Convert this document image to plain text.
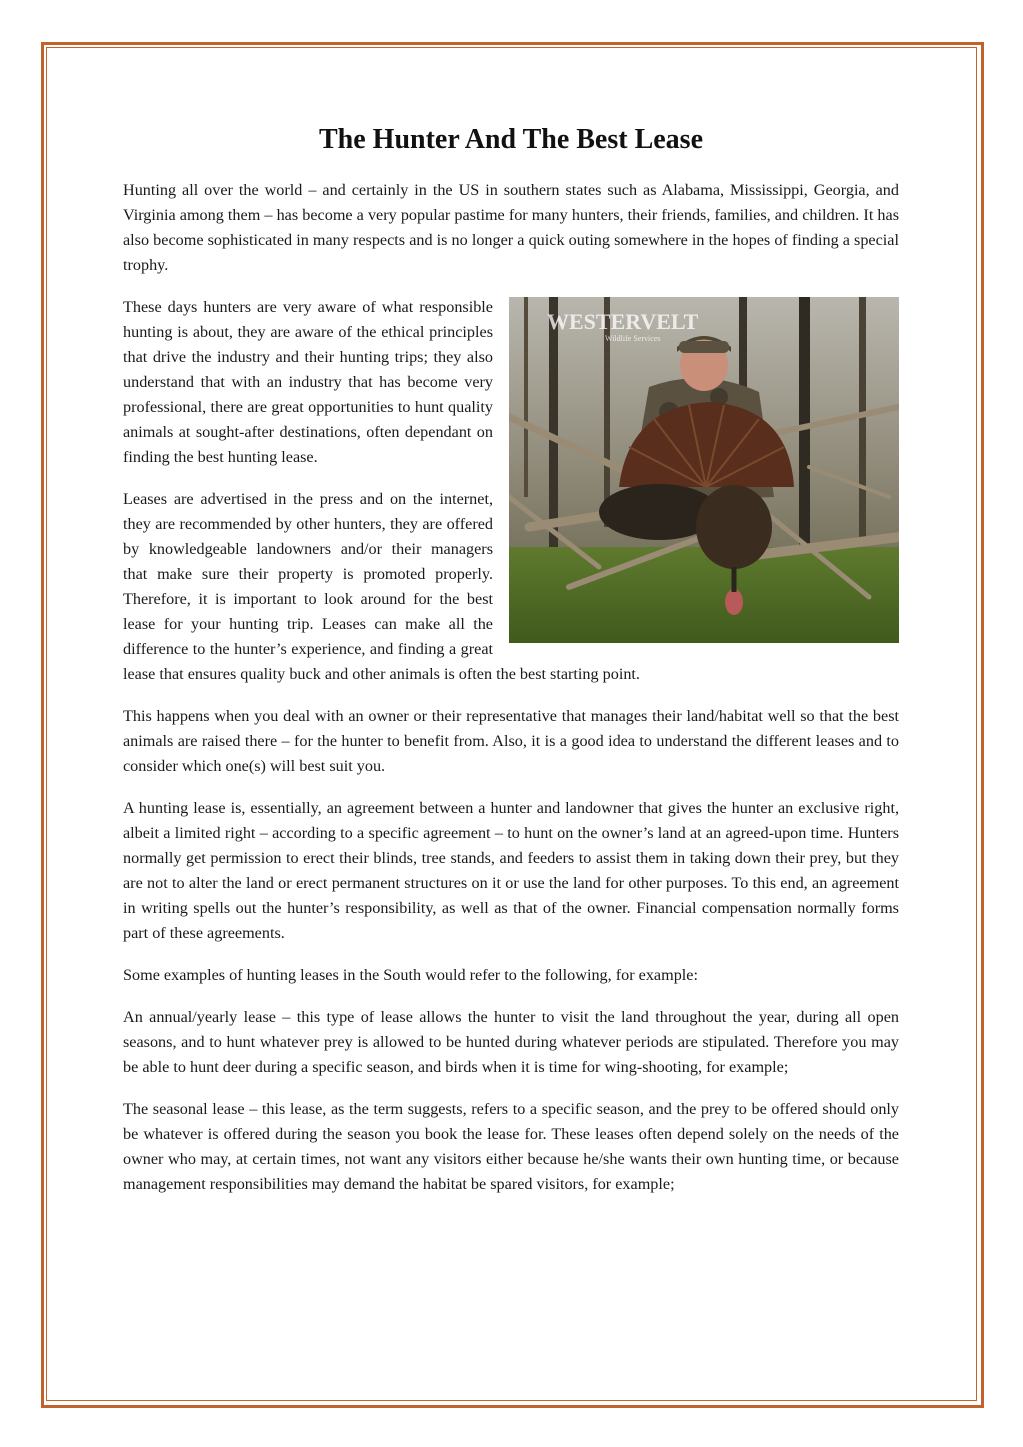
The Hunter And The Best Lease

Hunting all over the world – and certainly in the US in southern states such as Alabama, Mississippi, Georgia, and Virginia among them – has become a very popular pastime for many hunters, their friends, families, and children. It has also become sophisticated in many respects and is no longer a quick outing somewhere in the hopes of finding a special trophy.

WESTERVELT
Wildlife Services

These days hunters are very aware of what responsible hunting is about, they are aware of the ethical principles that drive the industry and their hunting trips; they also understand that with an industry that has become very professional, there are great opportunities to hunt quality animals at sought-after destinations, often dependant on finding the best hunting lease.

Leases are advertised in the press and on the internet, they are recommended by other hunters, they are offered by knowledgeable landowners and/or their managers that make sure their property is promoted properly. Therefore, it is important to look around for the best lease for your hunting trip. Leases can make all the difference to the hunter’s experience, and finding a great lease that ensures quality buck and other animals is often the best starting point.

This happens when you deal with an owner or their representative that manages their land/habitat well so that the best animals are raised there – for the hunter to benefit from. Also, it is a good idea to understand the different leases and to consider which one(s) will best suit you.

A hunting lease is, essentially, an agreement between a hunter and landowner that gives the hunter an exclusive right, albeit a limited right – according to a specific agreement – to hunt on the owner’s land at an agreed-upon time. Hunters normally get permission to erect their blinds, tree stands, and feeders to assist them in taking down their prey, but they are not to alter the land or erect permanent structures on it or use the land for other purposes. To this end, an agreement in writing spells out the hunter’s responsibility, as well as that of the owner. Financial compensation normally forms part of these agreements.

Some examples of hunting leases in the South would refer to the following, for example:

An annual/yearly lease – this type of lease allows the hunter to visit the land throughout the year, during all open seasons, and to hunt whatever prey is allowed to be hunted during whatever periods are stipulated. Therefore you may be able to hunt deer during a specific season, and birds when it is time for wing-shooting, for example;

The seasonal lease – this lease, as the term suggests, refers to a specific season, and the prey to be offered should only be whatever is offered during the season you book the lease for. These leases often depend solely on the needs of the owner who may, at certain times, not want any visitors either because he/she wants their own hunting time, or because management responsibilities may demand the habitat be spared visitors, for example;
